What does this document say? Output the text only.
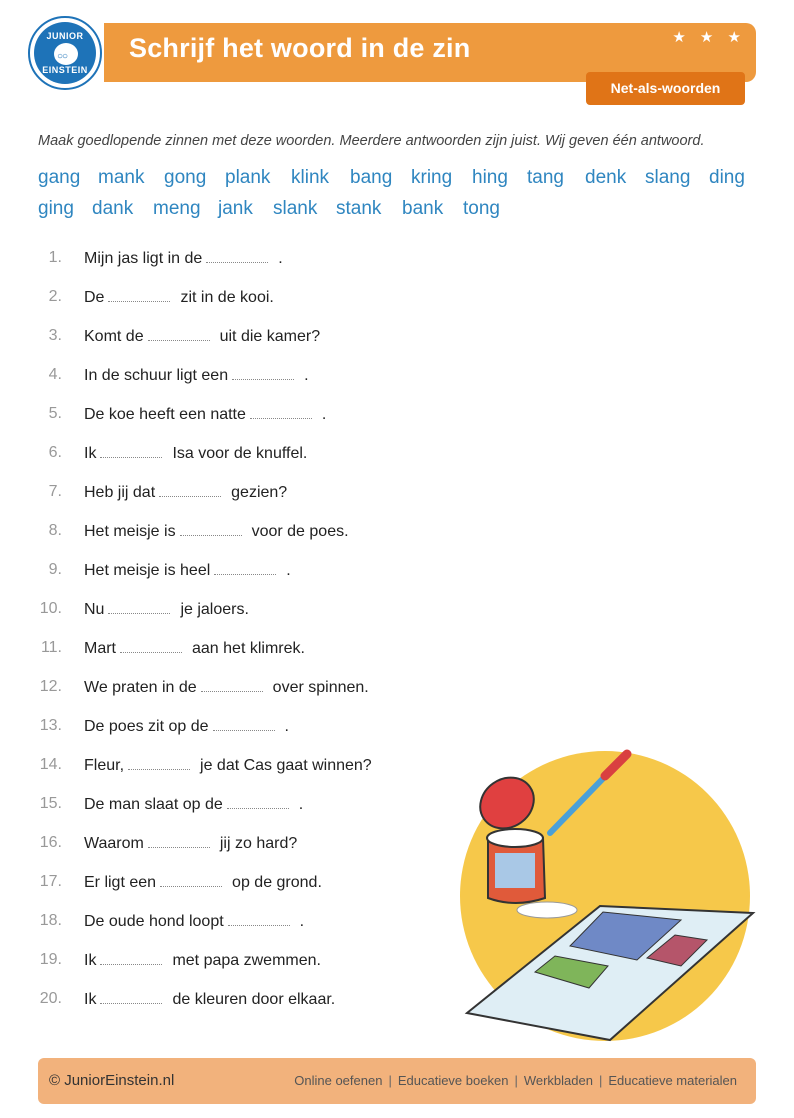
JUNIOR
○○
EINSTEIN
Schrijf het woord in de zin	★ ★ ★
Net-als-woorden
Maak goedlopende zinnen met deze woorden. Meerdere antwoorden zijn juist. Wij geven één antwoord.
gang mank gong plank klink bang kring hing tang denk slang ding
ging dank meng jank slank stank bank tong
1. Mijn jas ligt in de	.
2. De	zit in de kooi.
3. Komt de	uit die kamer?
4. In de schuur ligt een	.
5. De koe heeft een natte	.
6. Ik	Isa voor de knuffel.
7. Heb jij dat	gezien?
8. Het meisje is	voor de poes.
9. Het meisje is heel	.
10. Nu	je jaloers.
11. Mart	aan het klimrek.
12. We praten in de	over spinnen.
13. De poes zit op de	.
14. Fleur,	je dat Cas gaat winnen?
15. De man slaat op de	.
16. Waarom	jij zo hard?
17. Er ligt een	op de grond.
18. De oude hond loopt	.
19. Ik	met papa zwemmen.
20. Ik	de kleuren door elkaar.
© JuniorEinstein.nl	Online oefenen | Educatieve boeken | Werkbladen | Educatieve materialen
